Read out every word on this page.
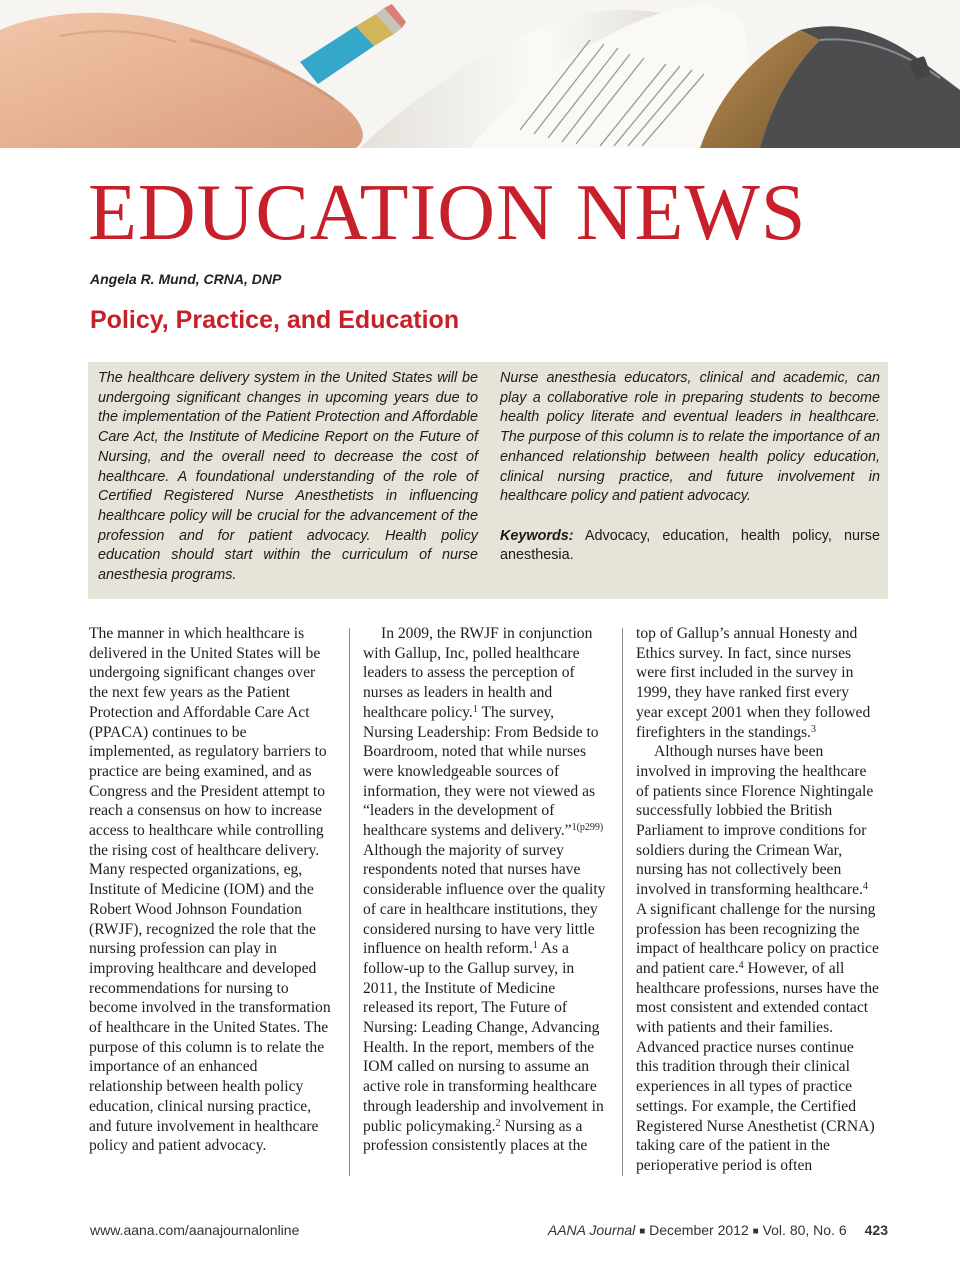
EDUCATION NEWS
Angela R. Mund, CRNA, DNP
Policy, Practice, and Education
The healthcare delivery system in the United States will be undergoing significant changes in upcoming years due to the implementation of the Patient Protection and Affordable Care Act, the Institute of Medicine Report on the Future of Nursing, and the overall need to decrease the cost of healthcare. A foundational understanding of the role of Certified Registered Nurse Anesthetists in influencing healthcare policy will be crucial for the advancement of the profession and for patient advocacy. Health policy education should start within the curriculum of nurse anesthesia programs.
Nurse anesthesia educators, clinical and academic, can play a collaborative role in preparing students to become health policy literate and eventual leaders in healthcare. The purpose of this column is to relate the importance of an enhanced relationship between health policy education, clinical nursing practice, and future involvement in healthcare policy and patient advocacy.
Keywords: Advocacy, education, health policy, nurse anesthesia.

The manner in which healthcare is delivered in the United States will be undergoing significant changes over the next few years as the Patient Protection and Affordable Care Act (PPACA) continues to be implemented, as regulatory barriers to practice are being examined, and as Congress and the President attempt to reach a consensus on how to increase access to healthcare while controlling the rising cost of healthcare delivery. Many respected organizations, eg, Institute of Medicine (IOM) and the Robert Wood Johnson Foundation (RWJF), recognized the role that the nursing profession can play in improving healthcare and developed recommendations for nursing to become involved in the transformation of healthcare in the United States. The purpose of this column is to relate the importance of an enhanced relationship between health policy education, clinical nursing practice, and future involvement in healthcare policy and patient advocacy.

In 2009, the RWJF in conjunction with Gallup, Inc, polled healthcare leaders to assess the perception of nurses as leaders in health and healthcare policy.$^1$ The survey, Nursing Leadership: From Bedside to Boardroom, noted that while nurses were knowledgeable sources of information, they were not viewed as “leaders in the development of healthcare systems and delivery.”$^{1(p299)}$ Although the majority of survey respondents noted that nurses have considerable influence over the quality of care in healthcare institutions, they considered nursing to have very little influence on health reform.$^1$ As a follow-up to the Gallup survey, in 2011, the Institute of Medicine released its report, The Future of Nursing: Leading Change, Advancing Health. In the report, members of the IOM called on nursing to assume an active role in transforming healthcare through leadership and involvement in public policymaking.$^2$ Nursing as a profession consistently places at the

top of Gallup’s annual Honesty and Ethics survey. In fact, since nurses were first included in the survey in 1999, they have ranked first every year except 2001 when they followed firefighters in the standings.$^3$

Although nurses have been involved in improving the healthcare of patients since Florence Nightingale successfully lobbied the British Parliament to improve conditions for soldiers during the Crimean War, nursing has not collectively been involved in transforming healthcare.$^4$ A significant challenge for the nursing profession has been recognizing the impact of healthcare policy on practice and patient care.$^4$ However, of all healthcare professions, nurses have the most consistent and extended contact with patients and their families. Advanced practice nurses continue this tradition through their clinical experiences in all types of practice settings. For example, the Certified Registered Nurse Anesthetist (CRNA) taking care of the patient in the perioperative period is often

www.aana.com/aanajournalonline	AANA Journal ■ December 2012 ■ Vol. 80, No. 6 423
